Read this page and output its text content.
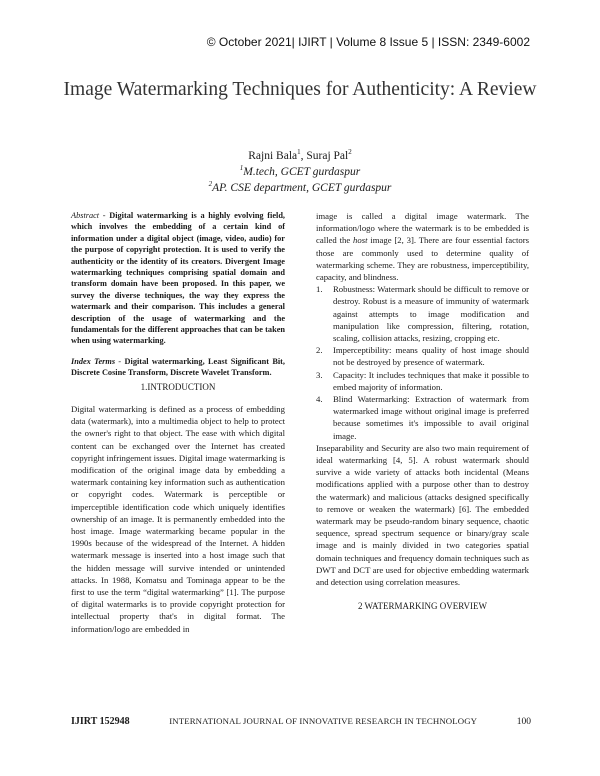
© October 2021| IJIRT | Volume 8 Issue 5 | ISSN: 2349-6002
Image Watermarking Techniques for Authenticity: A Review
Rajni Bala$^1$, Suraj Pal$^2$
$^1$M.tech, GCET gurdaspur
$^2$AP. CSE department, GCET gurdaspur

Abstract - Digital watermarking is a highly evolving field, which involves the embedding of a certain kind of information under a digital object (image, video, audio) for the purpose of copyright protection. It is used to verify the authenticity or the identity of its creators. Divergent Image watermarking techniques comprising spatial domain and transform domain have been proposed. In this paper, we survey the diverse techniques, the way they express the watermark and their comparison. This includes a general description of the usage of watermarking and the fundamentals for the different approaches that can be taken when using watermarking.

Index Terms - Digital watermarking, Least Significant Bit, Discrete Cosine Transform, Discrete Wavelet Transform.

1.INTRODUCTION

Digital watermarking is defined as a process of embedding data (watermark), into a multimedia object to help to protect the owner's right to that object. The ease with which digital content can be exchanged over the Internet has created copyright infringement issues. Digital image watermarking is modification of the original image data by embedding a watermark containing key information such as authentication or copyright codes. Watermark is perceptible or imperceptible identification code which uniquely identifies ownership of an image. It is permanently embedded into the host image. Image watermarking became popular in the 1990s because of the widespread of the Internet. A hidden watermark message is inserted into a host image such that the hidden message will survive intended or unintended attacks. In 1988, Komatsu and Tominaga appear to be the first to use the term “digital watermarking” [1]. The purpose of digital watermarks is to provide copyright protection for intellectual property that's in digital format. The information/logo are embedded in

image is called a digital image watermark. The information/logo where the watermark is to be embedded is called the host image [2, 3]. There are four essential factors those are commonly used to determine quality of watermarking scheme. They are robustness, imperceptibility, capacity, and blindness.

1.	Robustness: Watermark should be difficult to remove or destroy. Robust is a measure of immunity of watermark against attempts to image modification and manipulation like compression, filtering, rotation, scaling, collision attacks, resizing, cropping etc.
2.	Imperceptibility: means quality of host image should not be destroyed by presence of watermark.
3.	Capacity: It includes techniques that make it possible to embed majority of information.
4.	Blind Watermarking: Extraction of watermark from watermarked image without original image is preferred because sometimes it's impossible to avail original image.

Inseparability and Security are also two main requirement of ideal watermarking [4, 5]. A robust watermark should survive a wide variety of attacks both incidental (Means modifications applied with a purpose other than to destroy the watermark) and malicious (attacks designed specifically to remove or weaken the watermark) [6]. The embedded watermark may be pseudo-random binary sequence, chaotic sequence, spread spectrum sequence or binary/gray scale image and is mainly divided in two categories spatial domain techniques and frequency domain techniques such as DWT and DCT are used for objective embedding watermark and detection using correlation measures.

2 WATERMARKING OVERVIEW
IJIRT 152948	INTERNATIONAL JOURNAL OF INNOVATIVE RESEARCH IN TECHNOLOGY	100
